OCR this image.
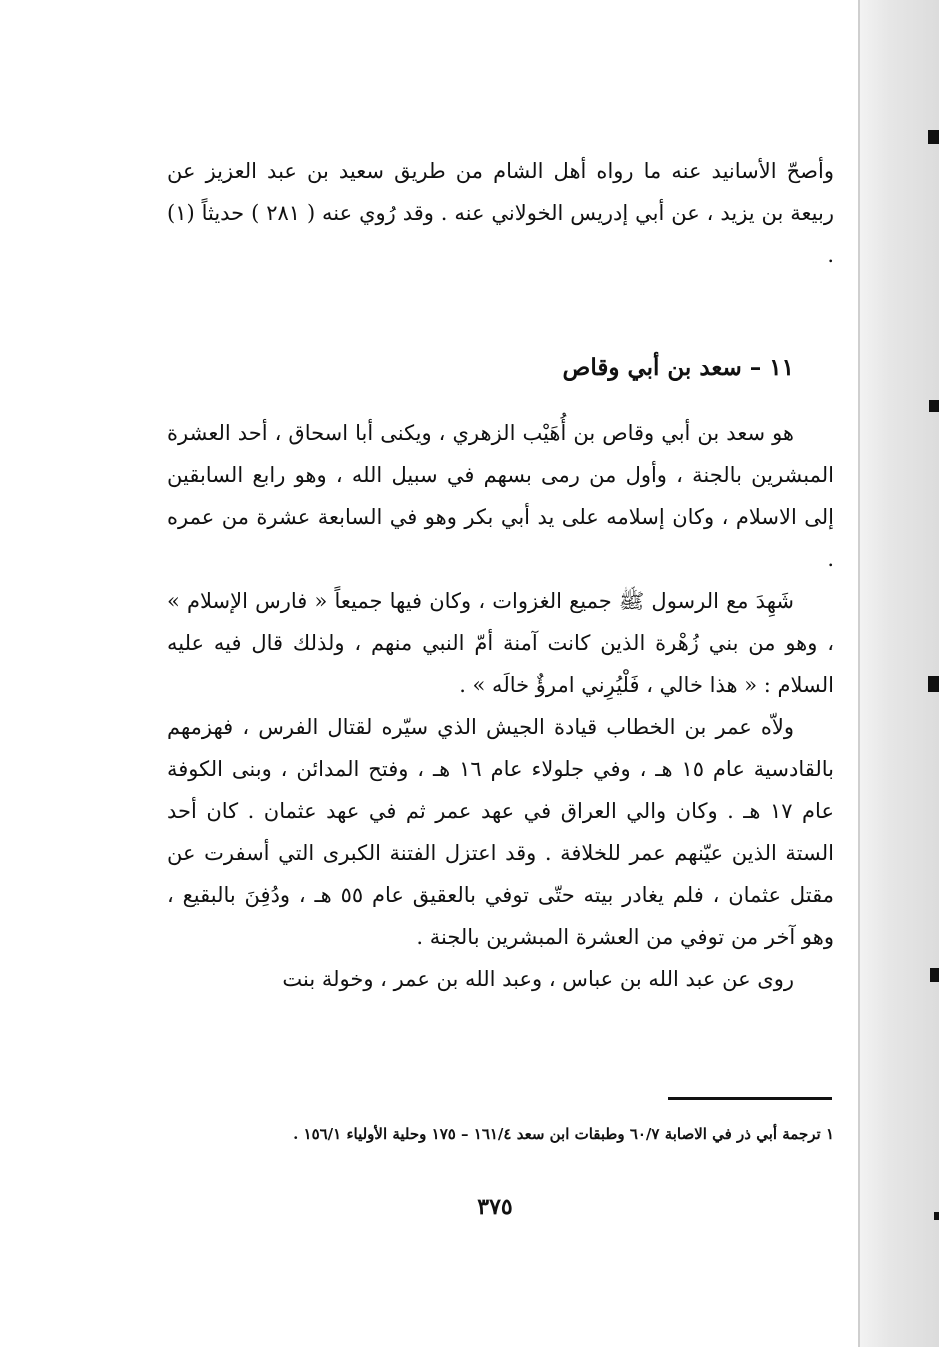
وأصحّ الأسانيد عنه ما رواه أهل الشام من طريق سعيد بن عبد العزيز عن ربيعة بن يزيد ، عن أبي إدريس الخولاني عنه . وقد رُوي عنه ( ٢٨١ ) حديثاً (١) .

١١ – سعد بن أبي وقاص

هو سعد بن أبي وقاص بن أُهَيْب الزهري ، ويكنى أبا اسحاق ، أحد العشرة المبشرين بالجنة ، وأول من رمى بسهم في سبيل الله ، وهو رابع السابقين إلى الاسلام ، وكان إسلامه على يد أبي بكر وهو في السابعة عشرة من عمره .

شَهِدَ مع الرسول ﷺ جميع الغزوات ، وكان فيها جميعاً « فارس الإسلام » ، وهو من بني زُهْرة الذين كانت آمنة أمّ النبي منهم ، ولذلك قال فيه عليه السلام : « هذا خالي ، فَلْيُرِني امرؤٌ خالَه » .

ولاّه عمر بن الخطاب قيادة الجيش الذي سيّره لقتال الفرس ، فهزمهم بالقادسية عام ١٥ هـ ، وفي جلولاء عام ١٦ هـ ، وفتح المدائن ، وبنى الكوفة عام ١٧ هـ . وكان والي العراق في عهد عمر ثم في عهد عثمان . كان أحد الستة الذين عيّنهم عمر للخلافة . وقد اعتزل الفتنة الكبرى التي أسفرت عن مقتل عثمان ، فلم يغادر بيته حتّى توفي بالعقيق عام ٥٥ هـ ، ودُفِنَ بالبقيع ، وهو آخر من توفي من العشرة المبشرين بالجنة .

روى عن عبد الله بن عباس ، وعبد الله بن عمر ، وخولة بنت

١ ترجمة أبي ذر في الاصابة ٦٠/٧ وطبقات ابن سعد ١٦١/٤ – ١٧٥ وحلية الأولياء ١٥٦/١ .
٣٧٥
